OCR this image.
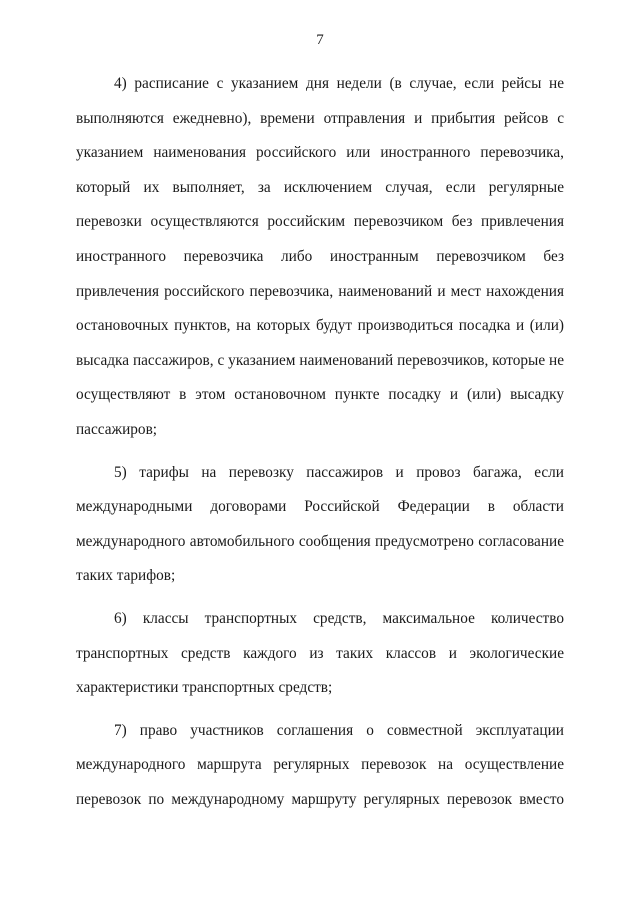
7

4) расписание с указанием дня недели (в случае, если рейсы не
выполняются ежедневно), времени отправления и прибытия рейсов с
указанием наименования российского или иностранного перевозчика,
который их выполняет, за исключением случая, если регулярные
перевозки осуществляются российским перевозчиком без привлечения
иностранного перевозчика либо иностранным перевозчиком без
привлечения российского перевозчика, наименований и мест нахождения
остановочных пунктов, на которых будут производиться посадка и (или)
высадка пассажиров, с указанием наименований перевозчиков, которые не
осуществляют в этом остановочном пункте посадку и (или) высадку
пассажиров;

5) тарифы на перевозку пассажиров и провоз багажа, если
международными договорами Российской Федерации в области
международного автомобильного сообщения предусмотрено согласование
таких тарифов;

6) классы транспортных средств, максимальное количество
транспортных средств каждого из таких классов и экологические
характеристики транспортных средств;

7) право участников соглашения о совместной эксплуатации
международного маршрута регулярных перевозок на осуществление
перевозок по международному маршруту регулярных перевозок вместо
